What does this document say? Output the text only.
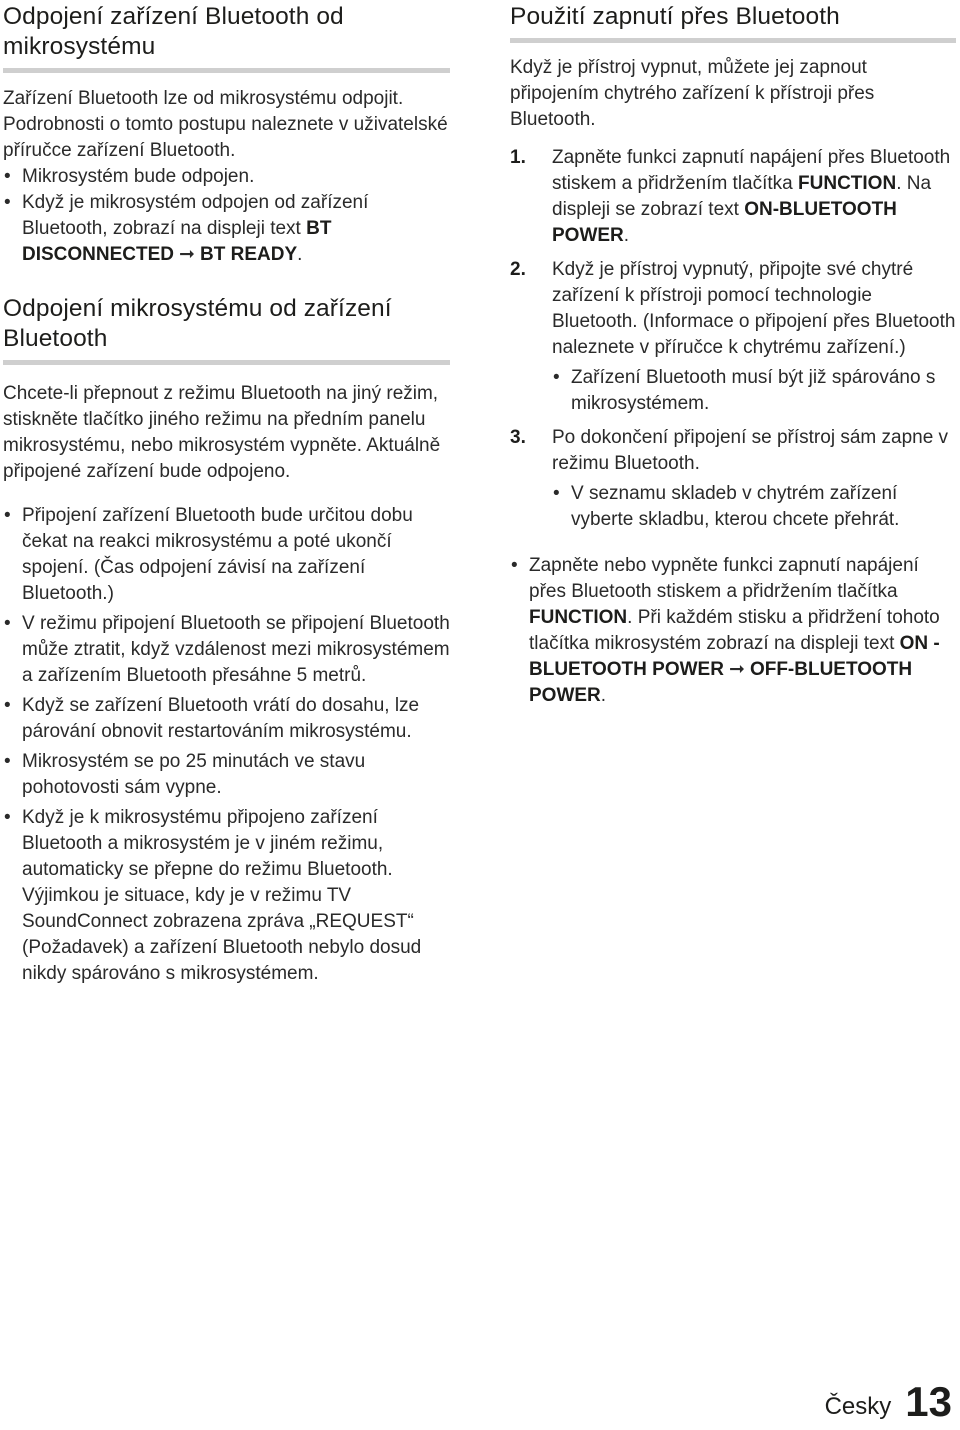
Odpojení zařízení Bluetooth od mikrosystému

Zařízení Bluetooth lze od mikrosystému odpojit. Podrobnosti o tomto postupu naleznete v uživatelské příručce zařízení Bluetooth.

• Mikrosystém bude odpojen.
• Když je mikrosystém odpojen od zařízení Bluetooth, zobrazí na displeji text BT DISCONNECTED ➞ BT READY.
Odpojení mikrosystému od zařízení Bluetooth

Chcete-li přepnout z režimu Bluetooth na jiný režim, stiskněte tlačítko jiného režimu na předním panelu mikrosystému, nebo mikrosystém vypněte. Aktuálně připojené zařízení bude odpojeno.

• Připojení zařízení Bluetooth bude určitou dobu čekat na reakci mikrosystému a poté ukončí spojení. (Čas odpojení závisí na zařízení Bluetooth.)
• V režimu připojení Bluetooth se připojení Bluetooth může ztratit, když vzdálenost mezi mikrosystémem a zařízením Bluetooth přesáhne 5 metrů.
• Když se zařízení Bluetooth vrátí do dosahu, lze párování obnovit restartováním mikrosystému.
• Mikrosystém se po 25 minutách ve stavu pohotovosti sám vypne.
• Když je k mikrosystému připojeno zařízení Bluetooth a mikrosystém je v jiném režimu, automaticky se přepne do režimu Bluetooth. Výjimkou je situace, kdy je v režimu TV SoundConnect zobrazena zpráva „REQUEST“ (Požadavek) a zařízení Bluetooth nebylo dosud nikdy spárováno s mikrosystémem.
Použití zapnutí přes Bluetooth

Když je přístroj vypnut, můžete jej zapnout připojením chytrého zařízení k přístroji přes Bluetooth.

1. Zapněte funkci zapnutí napájení přes Bluetooth stiskem a přidržením tlačítka FUNCTION. Na displeji se zobrazí text ON-BLUETOOTH POWER.
2. Když je přístroj vypnutý, připojte své chytré zařízení k přístroji pomocí technologie Bluetooth. (Informace o připojení přes Bluetooth naleznete v příručce k chytrému zařízení.)
• Zařízení Bluetooth musí být již spárováno s mikrosystémem.
3. Po dokončení připojení se přístroj sám zapne v režimu Bluetooth.
• V seznamu skladeb v chytrém zařízení vyberte skladbu, kterou chcete přehrát.
• Zapněte nebo vypněte funkci zapnutí napájení přes Bluetooth stiskem a přidržením tlačítka FUNCTION. Při každém stisku a přidržení tohoto tlačítka mikrosystém zobrazí na displeji text ON -BLUETOOTH POWER ➞ OFF-BLUETOOTH POWER.
Česky 13
